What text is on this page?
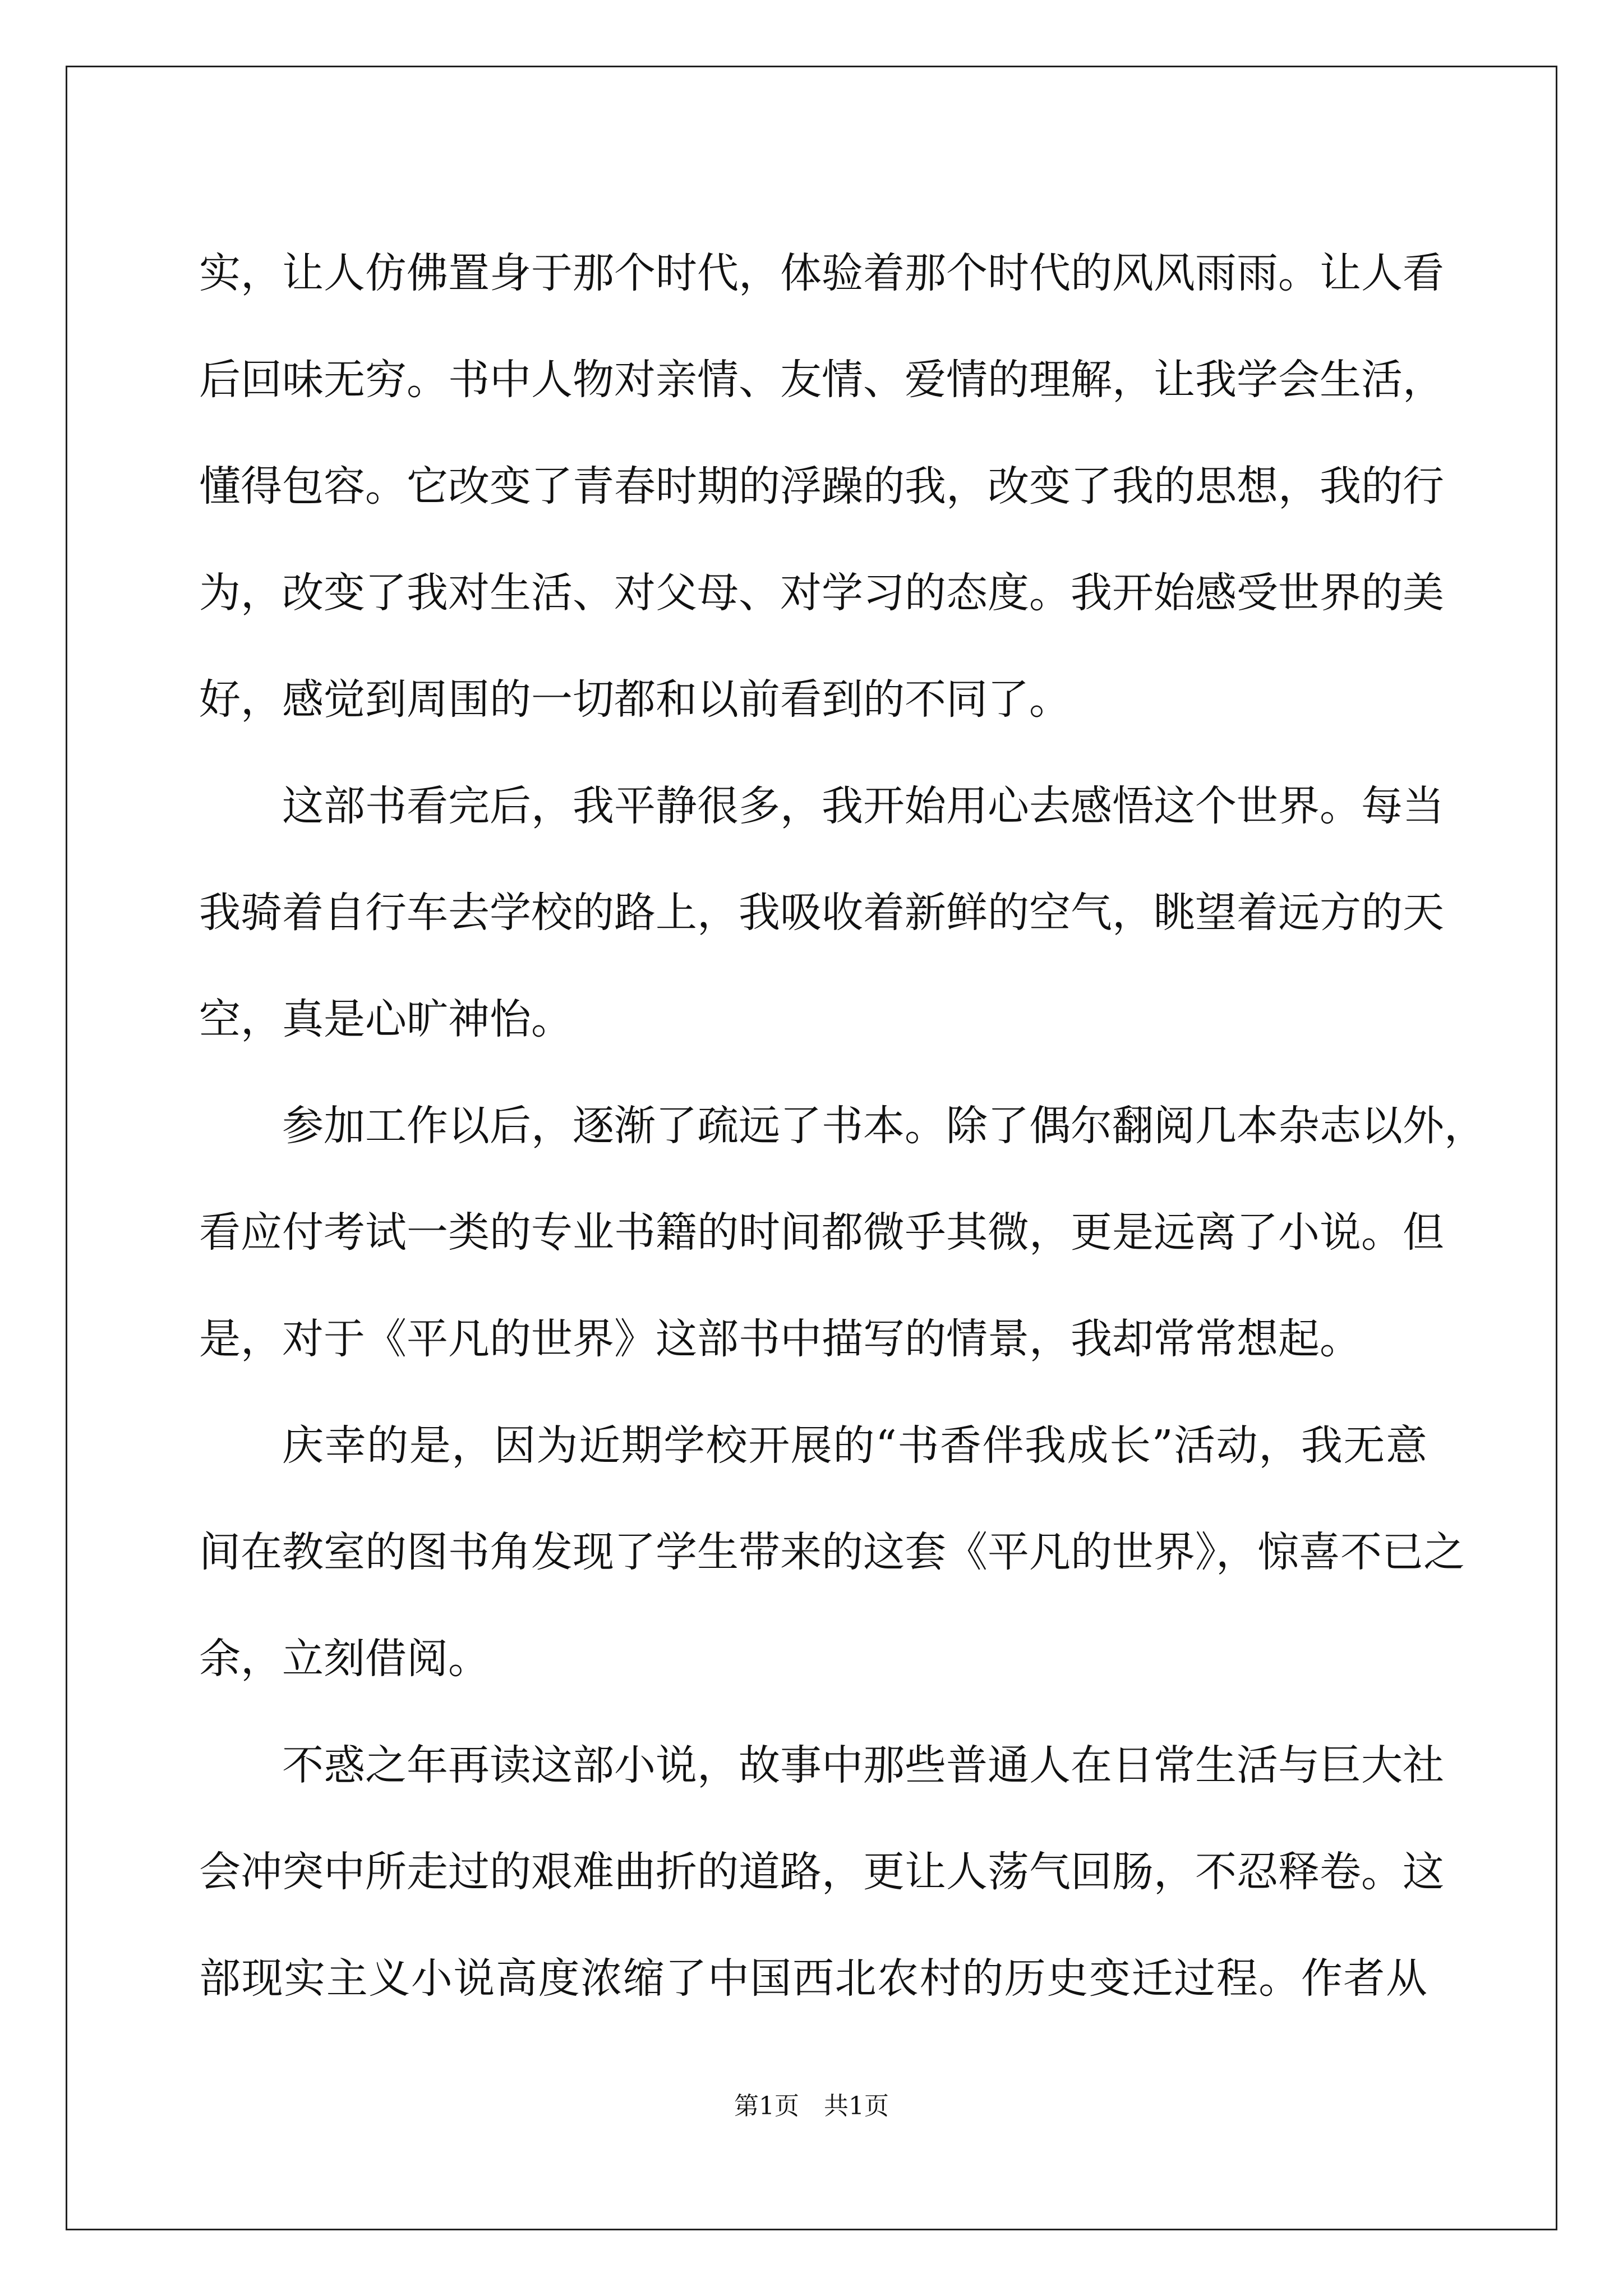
实，让人仿佛置身于那个时代，体验着那个时代的风风雨雨。让人看
后回味无穷。书中人物对亲情、友情、爱情的理解，让我学会生活，
懂得包容。它改变了青春时期的浮躁的我，改变了我的思想，我的行
为，改变了我对生活、对父母、对学习的态度。我开始感受世界的美
好，感觉到周围的一切都和以前看到的不同了。
这部书看完后，我平静很多，我开始用心去感悟这个世界。每当
我骑着自行车去学校的路上，我吸收着新鲜的空气，眺望着远方的天
空，真是心旷神怡。
参加工作以后，逐渐了疏远了书本。除了偶尔翻阅几本杂志以外，
看应付考试一类的专业书籍的时间都微乎其微，更是远离了小说。但
是，对于《平凡的世界》这部书中描写的情景，我却常常想起。
庆幸的是，因为近期学校开展的“书香伴我成长”活动，我无意
间在教室的图书角发现了学生带来的这套《平凡的世界》，惊喜不已之
余，立刻借阅。
不惑之年再读这部小说，故事中那些普通人在日常生活与巨大社
会冲突中所走过的艰难曲折的道路，更让人荡气回肠，不忍释卷。这
部现实主义小说高度浓缩了中国西北农村的历史变迁过程。作者从
第1页　共1页
